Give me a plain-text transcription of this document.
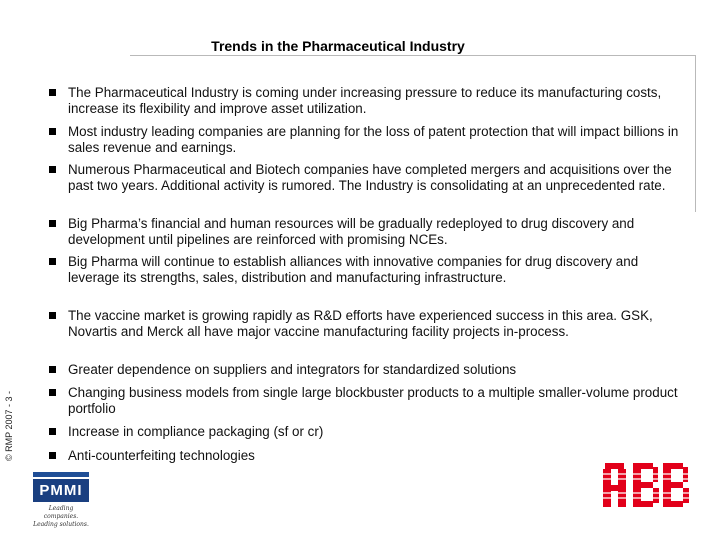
Trends in the Pharmaceutical Industry
The Pharmaceutical Industry is coming under increasing pressure to reduce its manufacturing costs, increase its flexibility and improve asset utilization.
Most industry leading companies are planning for the loss of patent protection that will impact billions in sales revenue and earnings.
Numerous Pharmaceutical and Biotech companies have completed mergers and acquisitions over the past two years. Additional activity is rumored. The Industry is consolidating at an unprecedented rate.
Big Pharma’s financial and human resources will be gradually redeployed to drug discovery and development until pipelines are reinforced with promising NCEs.
Big Pharma will continue to establish alliances with innovative companies for drug discovery and leverage its strengths, sales, distribution and manufacturing infrastructure.
The vaccine market is growing rapidly as R&D efforts have experienced success in this area. GSK, Novartis and Merck all have major vaccine manufacturing facility projects in-process.
Greater dependence on suppliers and integrators for standardized solutions
Changing business models from single large blockbuster products to a multiple smaller-volume product portfolio
Increase in compliance packaging (sf or cr)
Anti-counterfeiting technologies
© RMP 2007 - 3 -
PMMI
Leading companies. Leading solutions.
